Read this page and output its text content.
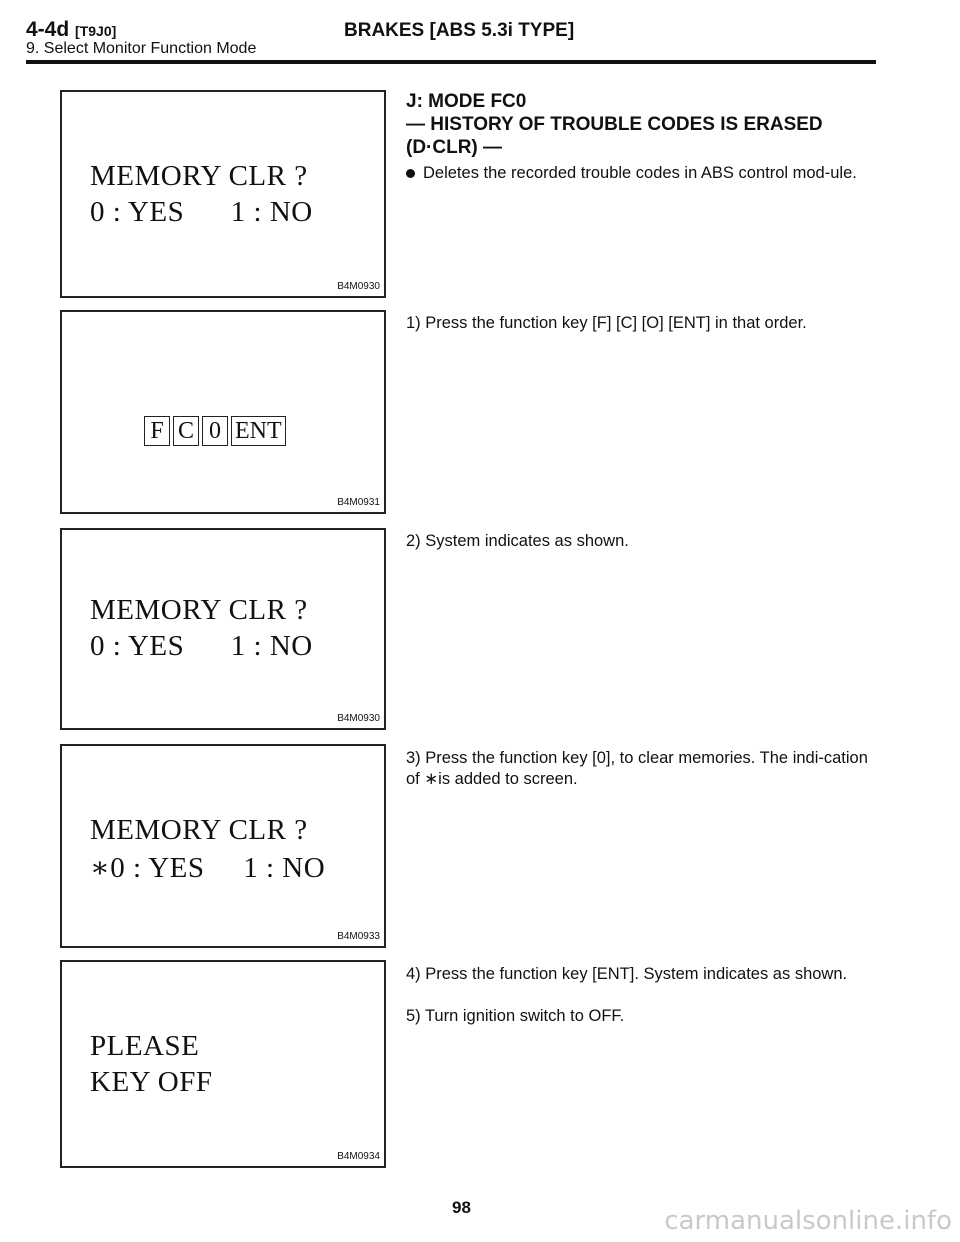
4-4d [T9J0]	BRAKES [ABS 5.3i TYPE]
9. Select Monitor Function Mode
MEMORY CLR ?
0 : YES      1 : NO
B4M0930
F C 0 ENT
B4M0931
MEMORY CLR ?
0 : YES      1 : NO
B4M0930
MEMORY CLR ?
∗0 : YES     1 : NO
B4M0933
PLEASE
KEY OFF
B4M0934
J: MODE FC0
— HISTORY OF TROUBLE CODES IS ERASED
(D·CLR) —
Deletes the recorded trouble codes in ABS control mod-ule.
1) Press the function key [F] [C] [O] [ENT] in that order.
2) System indicates as shown.
3) Press the function key [0], to clear memories. The indi-cation of ∗is added to screen.
4) Press the function key [ENT]. System indicates as shown.
5) Turn ignition switch to OFF.
98	carmanualsonline.info
